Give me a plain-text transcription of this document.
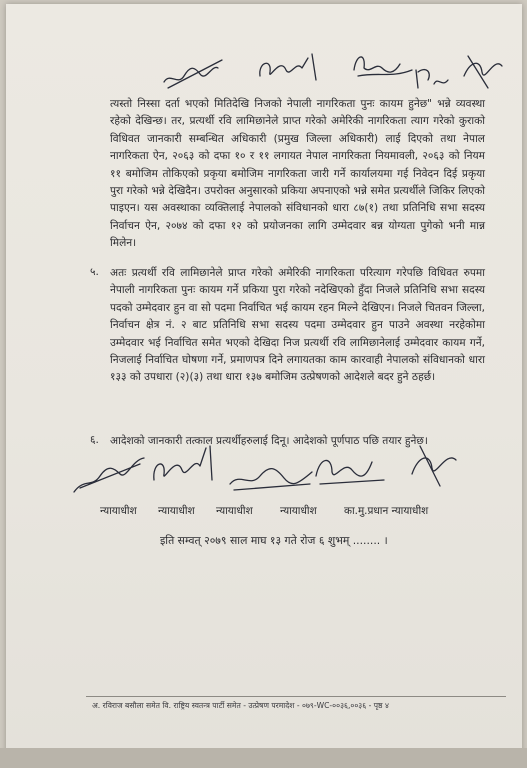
त्यस्तो निस्सा दर्ता भएको मितिदेखि निजको नेपाली नागरिकता पुनः कायम हुनेछ" भन्ने व्यवस्था रहेको देखिन्छ। तर, प्रत्यर्थी रवि लामिछानेले प्राप्त गरेको अमेरिकी नागरिकता त्याग गरेको कुराको विधिवत जानकारी सम्बन्धित अधिकारी (प्रमुख जिल्ला अधिकारी) लाई दिएको तथा नेपाल नागरिकता ऐन, २०६३ को दफा १० र ११ लगायत नेपाल नागरिकता नियमावली, २०६३ को नियम ११ बमोजिम तोकिएको प्रकृया बमोजिम नागरिकता जारी गर्ने कार्यालयमा गई निवेदन दिई प्रकृया पुरा गरेको भन्ने देखिदैन। उपरोक्त अनुसारको प्रकिया अपनाएको भन्ने समेत प्रत्यर्थीले जिकिर लिएको पाइएन। यस अवस्थाका व्यक्तिलाई नेपालको संविधानको धारा ८७(१) तथा प्रतिनिधि सभा सदस्य निर्वाचन ऐन, २०७४ को दफा १२ को प्रयोजनका लागि उम्मेदवार बन्न योग्यता पुगेको भनी मान्न मिलेन।
५. अतः प्रत्यर्थी रवि लामिछानेले प्राप्त गरेको अमेरिकी नागरिकता परित्याग गरेपछि विधिवत रुपमा नेपाली नागरिकता पुनः कायम गर्ने प्रकिया पुरा गरेको नदेखिएको हुँदा निजले प्रतिनिधि सभा सदस्य पदको उम्मेदवार हुन वा सो पदमा निर्वाचित भई कायम रहन मिल्ने देखिएन। निजले चितवन जिल्ला, निर्वाचन क्षेत्र नं. २ बाट प्रतिनिधि सभा सदस्य पदमा उम्मेदवार हुन पाउने अवस्था नरहेकोमा उम्मेदवार भई निर्वाचित समेत भएको देखिदा निज प्रत्यर्थी रवि लामिछानेलाई उम्मेदवार कायम गर्ने, निजलाई निर्वाचित घोषणा गर्ने, प्रमाणपत्र दिने लगायतका काम कारवाही नेपालको संविधानको धारा १३३ को उपधारा (२)(३) तथा धारा १३७ बमोजिम उत्प्रेषणको आदेशले बदर हुने ठहर्छ।
६. आदेशको जानकारी तत्काल प्रत्यर्थीहरुलाई दिनू। आदेशको पूर्णपाठ पछि तयार हुनेछ।
न्यायाधीश न्यायाधीश न्यायाधीश	न्यायाधीश	का.मु.प्रधान न्यायाधीश
इति सम्वत् २०७९ साल माघ १३ गते रोज ६ शुभम् ........ ।
अ. रविराज बसौला समेत वि. राष्ट्रिय स्वतन्त्र पार्टी समेत - उत्प्रेषण परमादेश - ०७९-WC-००३६,००३६ - पृष्ठ ४
